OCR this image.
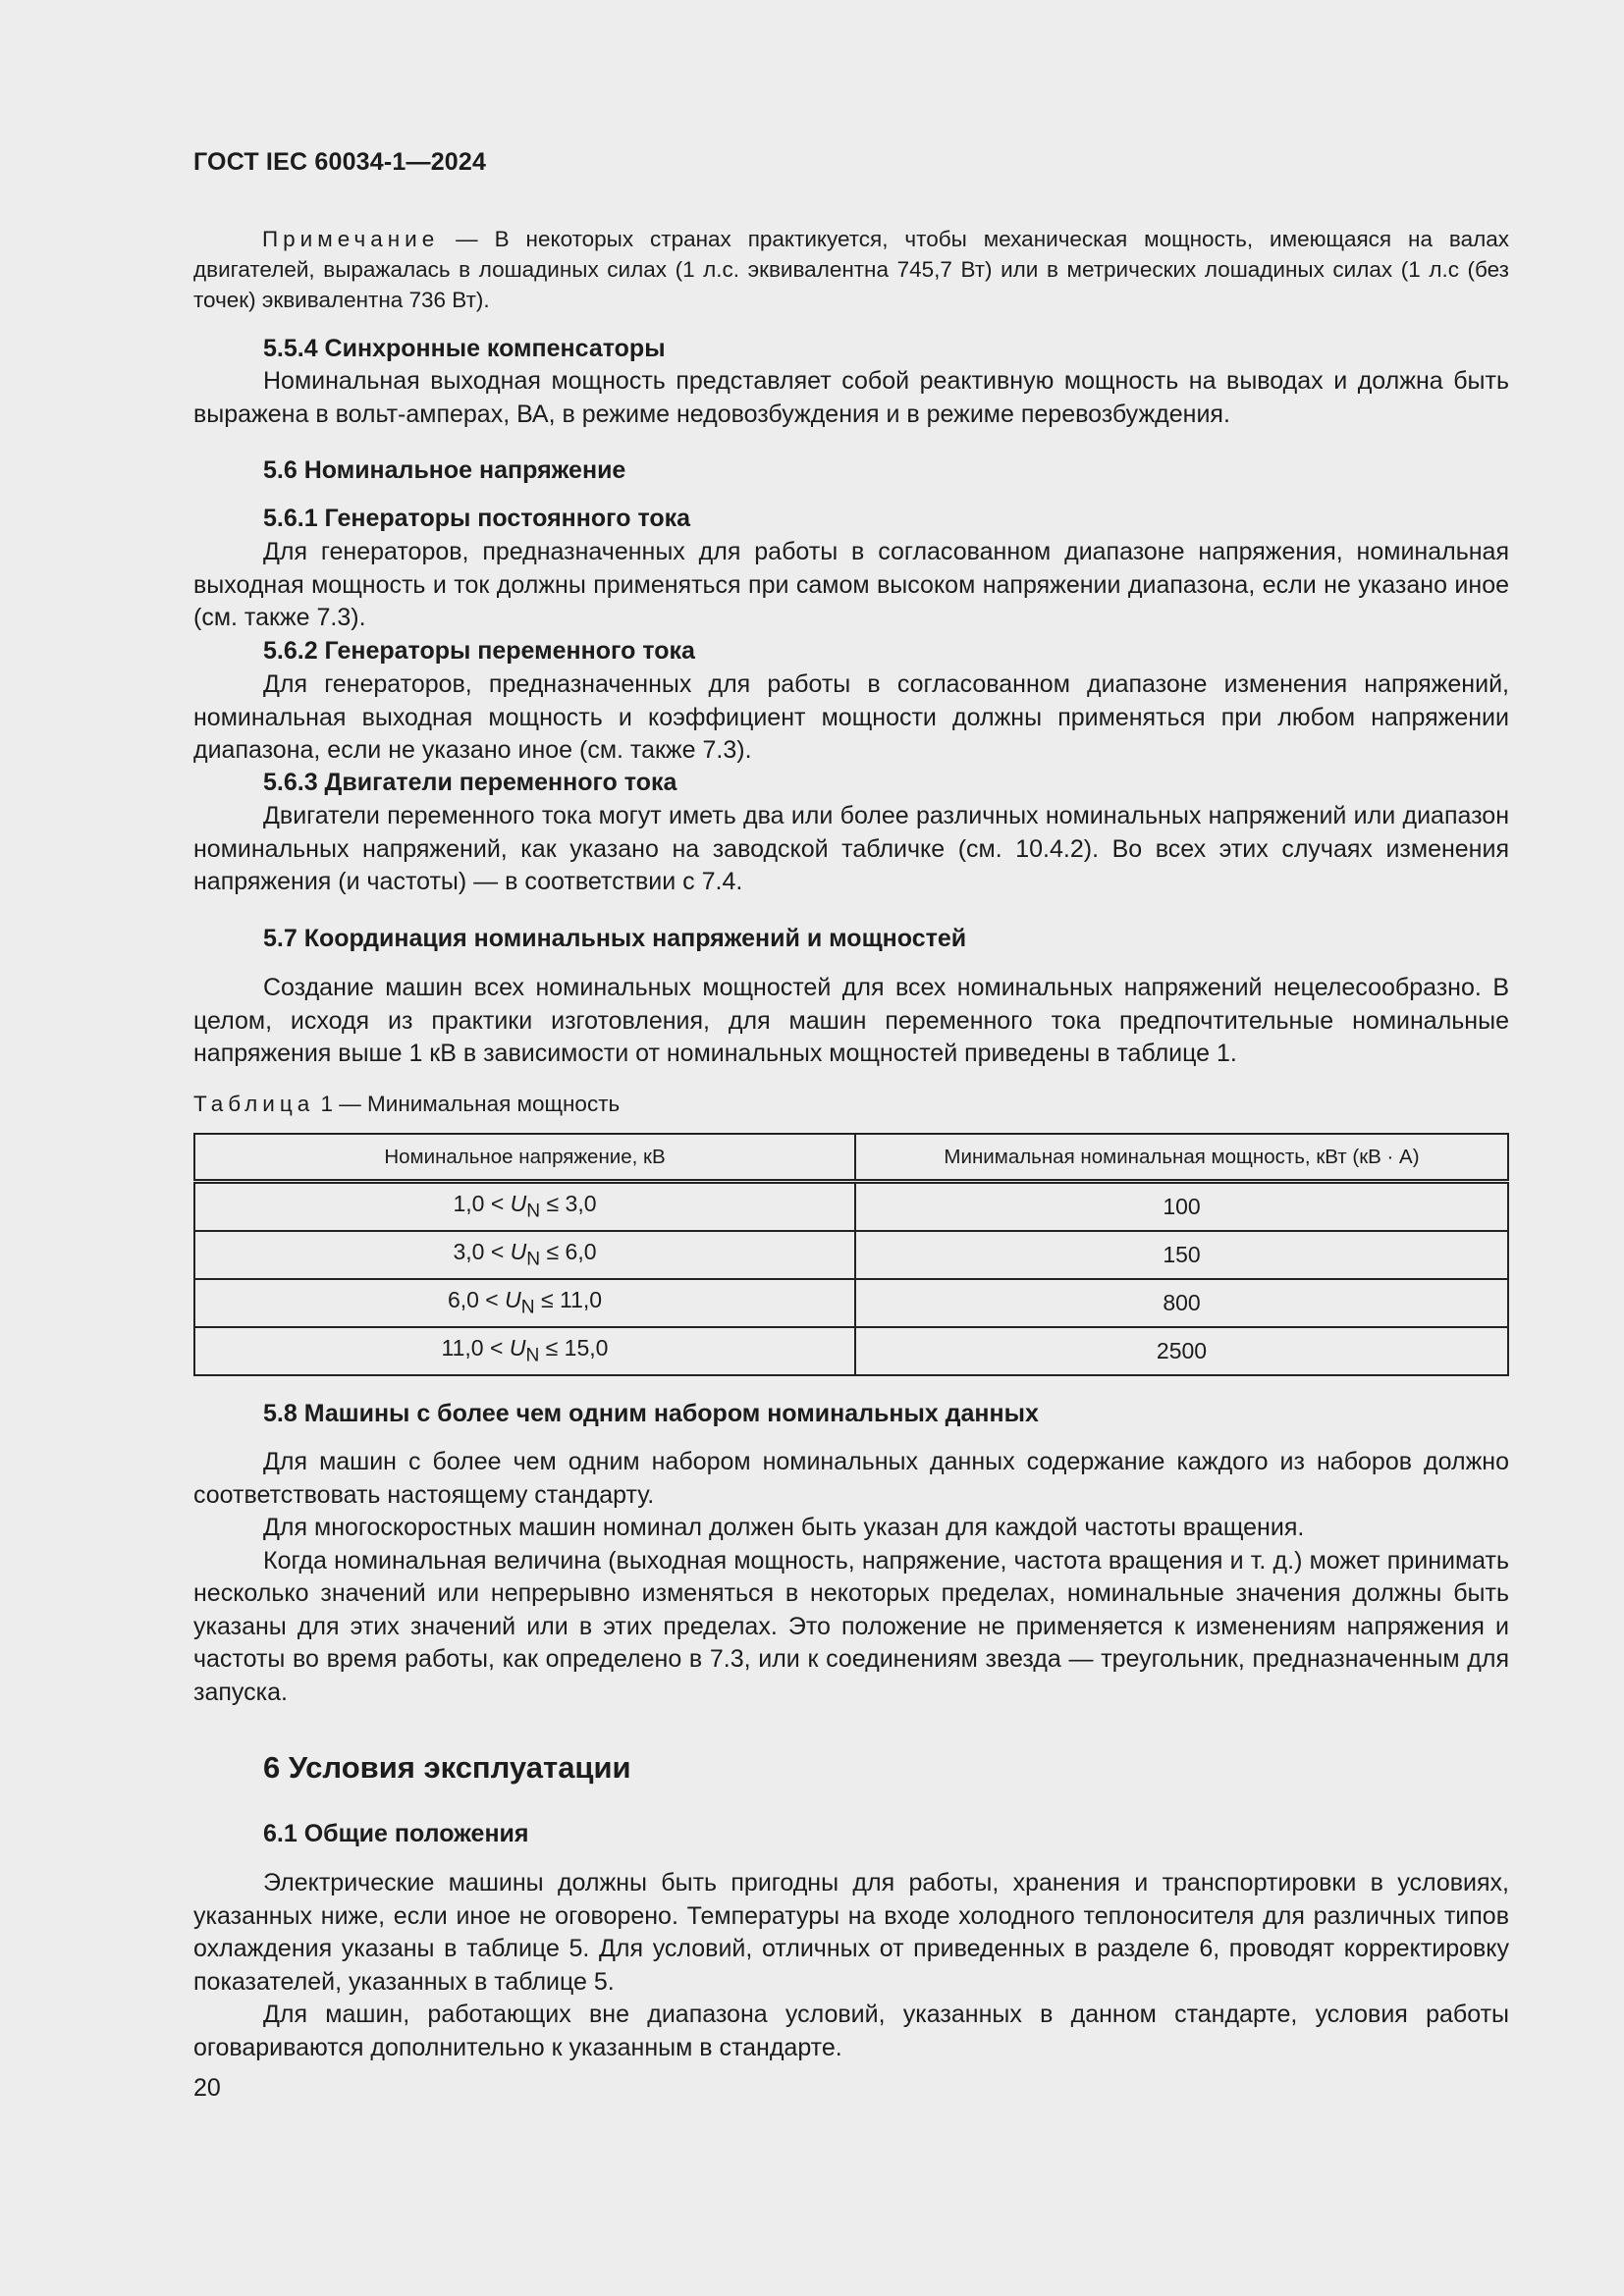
ГОСТ IEC 60034-1—2024
Примечание — В некоторых странах практикуется, чтобы механическая мощность, имеющаяся на валах двигателей, выражалась в лошадиных силах (1 л.с. эквивалентна 745,7 Вт) или в метрических лошадиных силах (1 л.с (без точек) эквивалентна 736 Вт).
5.5.4 Синхронные компенсаторы

Номинальная выходная мощность представляет собой реактивную мощность на выводах и должна быть выражена в вольт-амперах, ВА, в режиме недовозбуждения и в режиме перевозбуждения.

5.6 Номинальное напряжение
5.6.1 Генераторы постоянного тока

Для генераторов, предназначенных для работы в согласованном диапазоне напряжения, номинальная выходная мощность и ток должны применяться при самом высоком напряжении диапазона, если не указано иное (см. также 7.3).

5.6.2 Генераторы переменного тока

Для генераторов, предназначенных для работы в согласованном диапазоне изменения напряжений, номинальная выходная мощность и коэффициент мощности должны применяться при любом напряжении диапазона, если не указано иное (см. также 7.3).

5.6.3 Двигатели переменного тока

Двигатели переменного тока могут иметь два или более различных номинальных напряжений или диапазон номинальных напряжений, как указано на заводской табличке (см. 10.4.2). Во всех этих случаях изменения напряжения (и частоты) — в соответствии с 7.4.

5.7 Координация номинальных напряжений и мощностей

Создание машин всех номинальных мощностей для всех номинальных напряжений нецелесообразно. В целом, исходя из практики изготовления, для машин переменного тока предпочтительные номинальные напряжения выше 1 кВ в зависимости от номинальных мощностей приведены в таблице 1.

Таблица 1 — Минимальная мощность
Номинальное напряжение, кВ	Минимальная номинальная мощность, кВт (кВ · А)
$1,0 < U_N \le 3,0$	100
$3,0 < U_N \le 6,0$	150
$6,0 < U_N \le 11,0$	800
$11,0 < U_N \le 15,0$	2500
5.8 Машины с более чем одним набором номинальных данных

Для машин с более чем одним набором номинальных данных содержание каждого из наборов должно соответствовать настоящему стандарту.

Для многоскоростных машин номинал должен быть указан для каждой частоты вращения.

Когда номинальная величина (выходная мощность, напряжение, частота вращения и т. д.) может принимать несколько значений или непрерывно изменяться в некоторых пределах, номинальные значения должны быть указаны для этих значений или в этих пределах. Это положение не применяется к изменениям напряжения и частоты во время работы, как определено в 7.3, или к соединениям звезда — треугольник, предназначенным для запуска.

6 Условия эксплуатации
6.1 Общие положения

Электрические машины должны быть пригодны для работы, хранения и транспортировки в условиях, указанных ниже, если иное не оговорено. Температуры на входе холодного теплоносителя для различных типов охлаждения указаны в таблице 5. Для условий, отличных от приведенных в разделе 6, проводят корректировку показателей, указанных в таблице 5.

Для машин, работающих вне диапазона условий, указанных в данном стандарте, условия работы оговариваются дополнительно к указанным в стандарте.

20
